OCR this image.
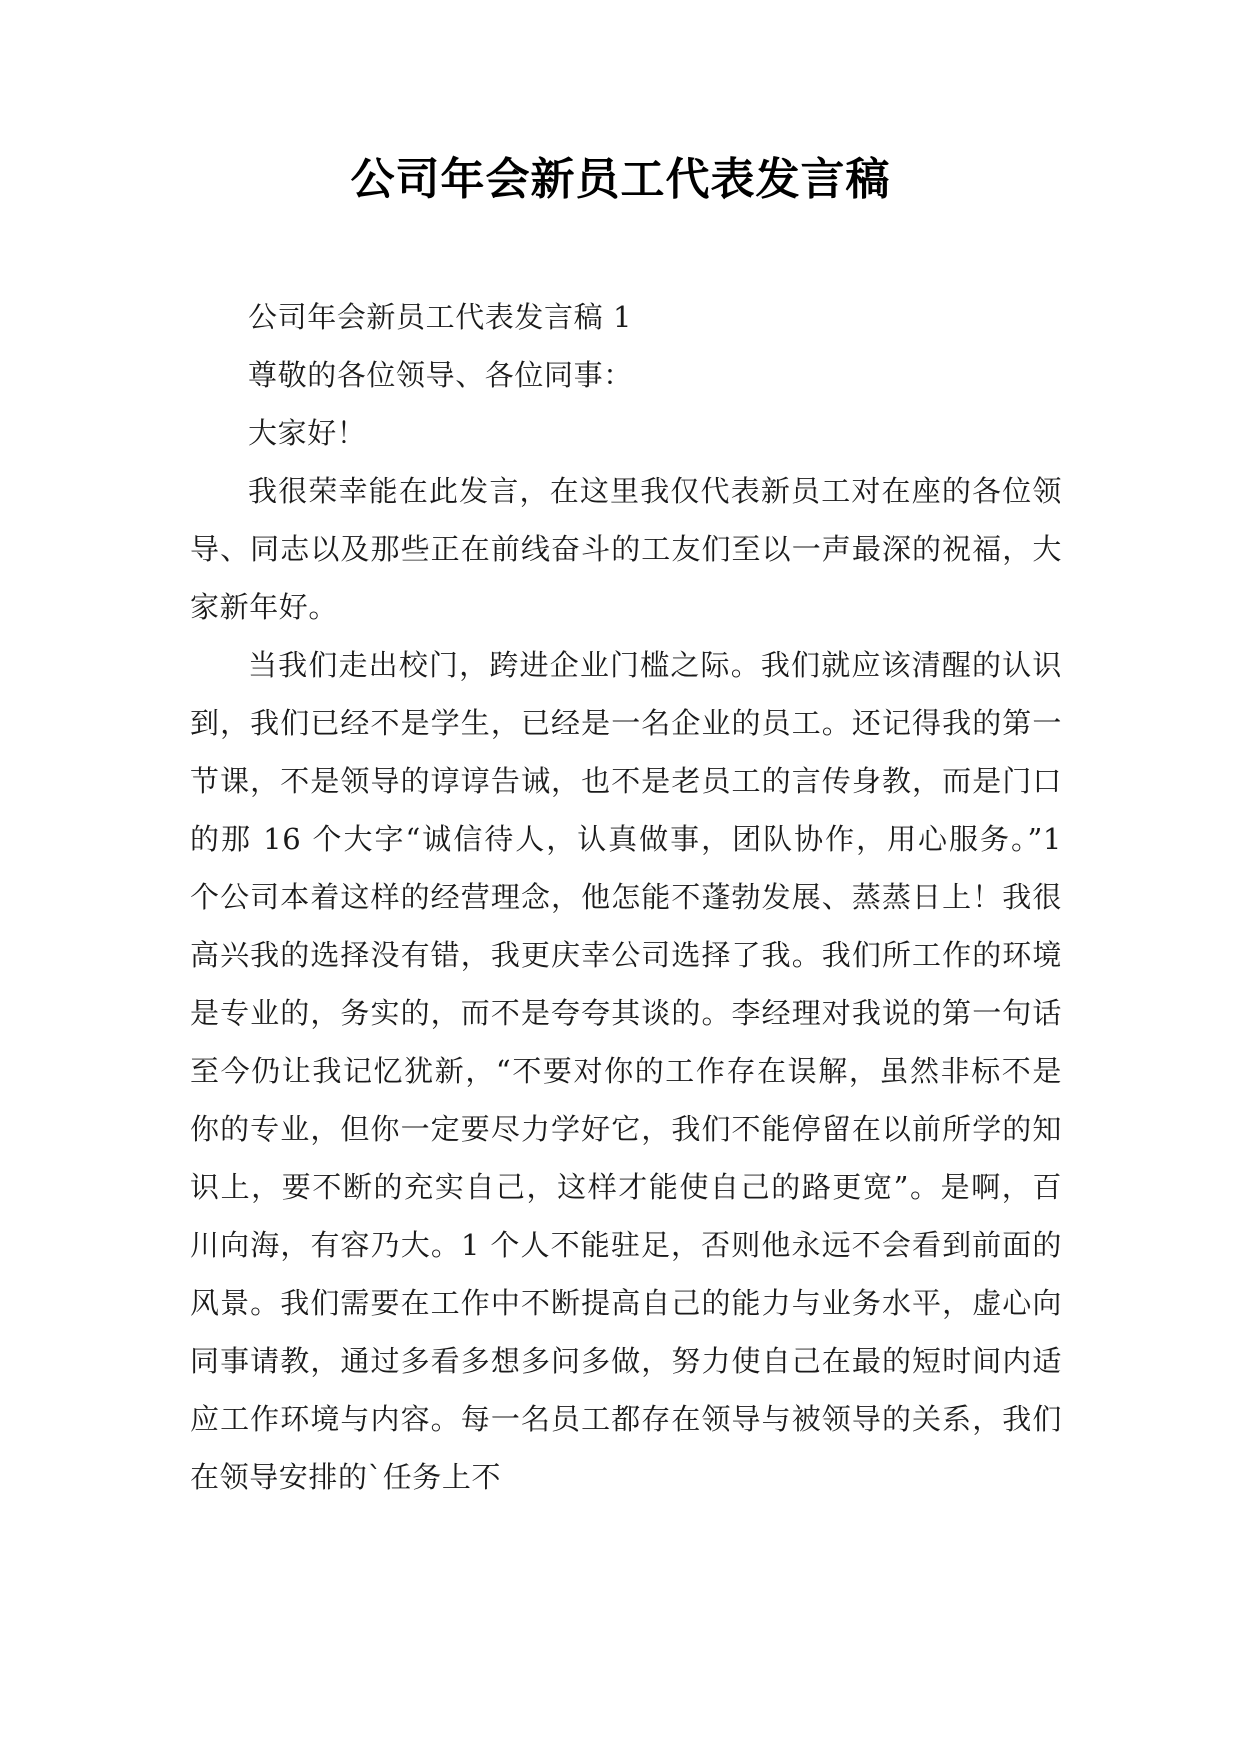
公司年会新员工代表发言稿

公司年会新员工代表发言稿 1

尊敬的各位领导、各位同事：

大家好！

我很荣幸能在此发言，在这里我仅代表新员工对在座的各位领导、同志以及那些正在前线奋斗的工友们至以一声最深的祝福，大家新年好。

当我们走出校门，跨进企业门槛之际。我们就应该清醒的认识到，我们已经不是学生，已经是一名企业的员工。还记得我的第一节课，不是领导的谆谆告诫，也不是老员工的言传身教，而是门口的那 16 个大字“诚信待人，认真做事，团队协作，用心服务。”1 个公司本着这样的经营理念，他怎能不蓬勃发展、蒸蒸日上！我很高兴我的选择没有错，我更庆幸公司选择了我。我们所工作的环境是专业的，务实的，而不是夸夸其谈的。李经理对我说的第一句话至今仍让我记忆犹新，“不要对你的工作存在误解，虽然非标不是你的专业，但你一定要尽力学好它，我们不能停留在以前所学的知识上，要不断的充实自己，这样才能使自己的路更宽”。是啊，百川向海，有容乃大。1 个人不能驻足，否则他永远不会看到前面的风景。我们需要在工作中不断提高自己的能力与业务水平，虚心向同事请教，通过多看多想多问多做，努力使自己在最的短时间内适应工作环境与内容。每一名员工都存在领导与被领导的关系，我们在领导安排的`任务上不
